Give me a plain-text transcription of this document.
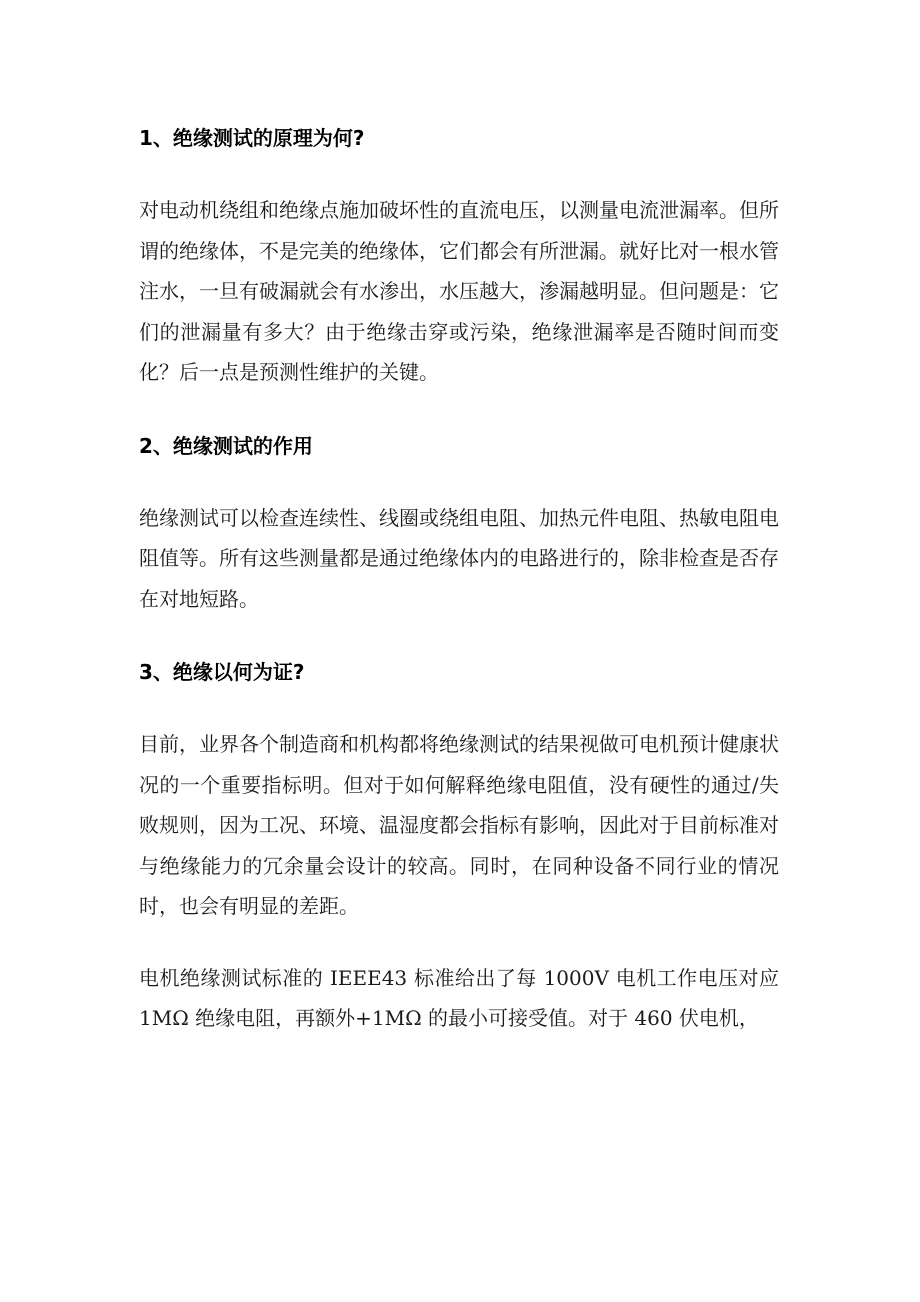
1、绝缘测试的原理为何?

对电动机绕组和绝缘点施加破坏性的直流电压，以测量电流泄漏率。但所谓的绝缘体，不是完美的绝缘体，它们都会有所泄漏。就好比对一根水管注水，一旦有破漏就会有水渗出，水压越大，渗漏越明显。但问题是：它们的泄漏量有多大？由于绝缘击穿或污染，绝缘泄漏率是否随时间而变化？后一点是预测性维护的关键。

2、绝缘测试的作用

绝缘测试可以检查连续性、线圈或绕组电阻、加热元件电阻、热敏电阻电阻值等。所有这些测量都是通过绝缘体内的电路进行的，除非检查是否存在对地短路。

3、绝缘以何为证?

目前，业界各个制造商和机构都将绝缘测试的结果视做可电机预计健康状况的一个重要指标明。但对于如何解释绝缘电阻值，没有硬性的通过/失败规则，因为工况、环境、温湿度都会指标有影响，因此对于目前标准对与绝缘能力的冗余量会设计的较高。同时，在同种设备不同行业的情况时，也会有明显的差距。

电机绝缘测试标准的 IEEE43 标准给出了每 1000V 电机工作电压对应 1MΩ 绝缘电阻，再额外+1MΩ 的最小可接受值。对于 460 伏电机，
